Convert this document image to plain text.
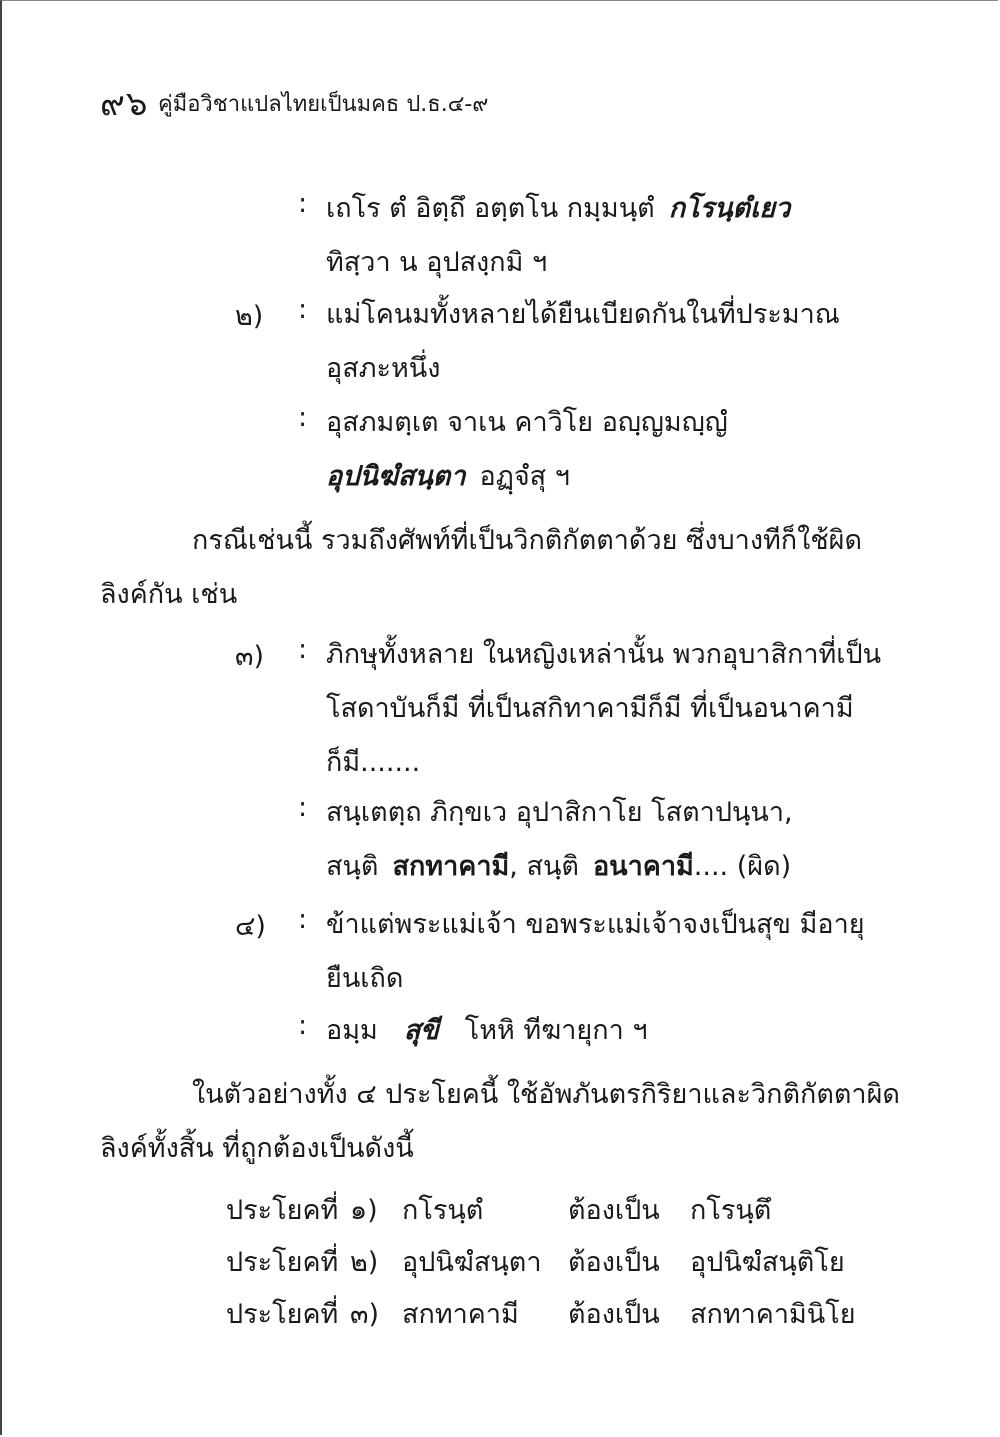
๙๖ คู่มือวิชาแปลไทยเป็นมคธ ป.ธ.๔-๙
: เถโร ตํ อิตฺถึ อตฺตโน กมฺมนฺตํ กโรนฺตํเยว
ทิสฺวา น อุปสงฺกมิ ฯ
๒) : แม่โคนมทั้งหลายได้ยืนเบียดกันในที่ประมาณ
อุสภะหนึ่ง
: อุสภมตฺเต จาเน คาวิโย อญฺญมญฺญํ
อุปนิฆํสนฺตา อฏฺจํสุ ฯ
กรณีเช่นนี้ รวมถึงศัพท์ที่เป็นวิกติกัตตาด้วย ซึ่งบางทีก็ใช้ผิด
ลิงค์กัน เช่น
๓) : ภิกษุทั้งหลาย ในหญิงเหล่านั้น พวกอุบาสิกาที่เป็น
โสดาบันก็มี ที่เป็นสกิทาคามีก็มี ที่เป็นอนาคามี
ก็มี.......
: สนฺเตตฺถ ภิกฺขเว อุปาสิกาโย โสตาปนฺนา,
สนฺติ สกทาคามี, สนฺติ อนาคามี.... (ผิด)
๔) : ข้าแต่พระแม่เจ้า ขอพระแม่เจ้าจงเป็นสุข มีอายุ
ยืนเถิด
: อมฺม สุขี โหหิ ทีฆายุกา ฯ
ในตัวอย่างทั้ง ๔ ประโยคนี้ ใช้อัพภันตรกิริยาและวิกติกัตตาผิด
ลิงค์ทั้งสิ้น ที่ถูกต้องเป็นดังนี้
ประโยคที่ ๑) กโรนฺตํ	ต้องเป็น กโรนฺตึ
ประโยคที่ ๒) อุปนิฆํสนฺตา ต้องเป็น อุปนิฆํสนฺติโย
ประโยคที่ ๓) สกทาคามี ต้องเป็น สกทาคามินิโย
